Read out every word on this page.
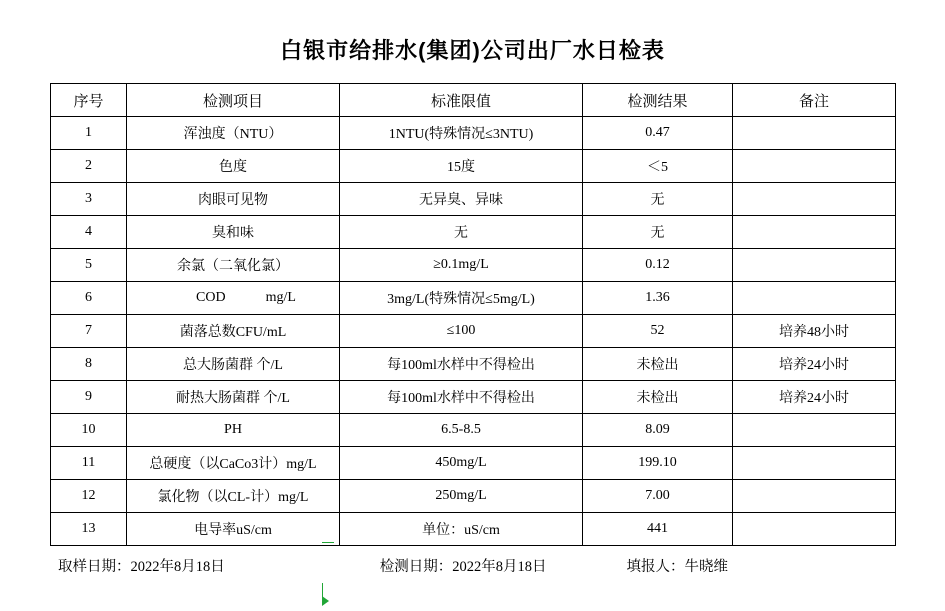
白银市给排水(集团)公司出厂水日检表
序号	检测项目	标准限值	检测结果	备注
1	浑浊度（NTU）	1NTU(特殊情况≤3NTU)	0.47	
2	色度	15度	＜5	
3	肉眼可见物	无异臭、异味	无	
4	臭和味	无	无	
5	余氯（二氧化氯）	≥0.1mg/L	0.12	
6	COD mg/L	3mg/L(特殊情况≤5mg/L)	1.36	
7	菌落总数CFU/mL	≤100	52	培养48小时
8	总大肠菌群 个/L	每100ml水样中不得检出	未检出	培养24小时
9	耐热大肠菌群 个/L	每100ml水样中不得检出	未检出	培养24小时
10	PH	6.5-8.5	8.09	
11	总硬度（以CaCo3计）mg/L	450mg/L	199.10	
12	氯化物（以CL-计）mg/L	250mg/L	7.00	
13	电导率uS/cm	单位：uS/cm	441	
取样日期：2022年8月18日	检测日期：2022年8月18日	填报人：牛晓维
